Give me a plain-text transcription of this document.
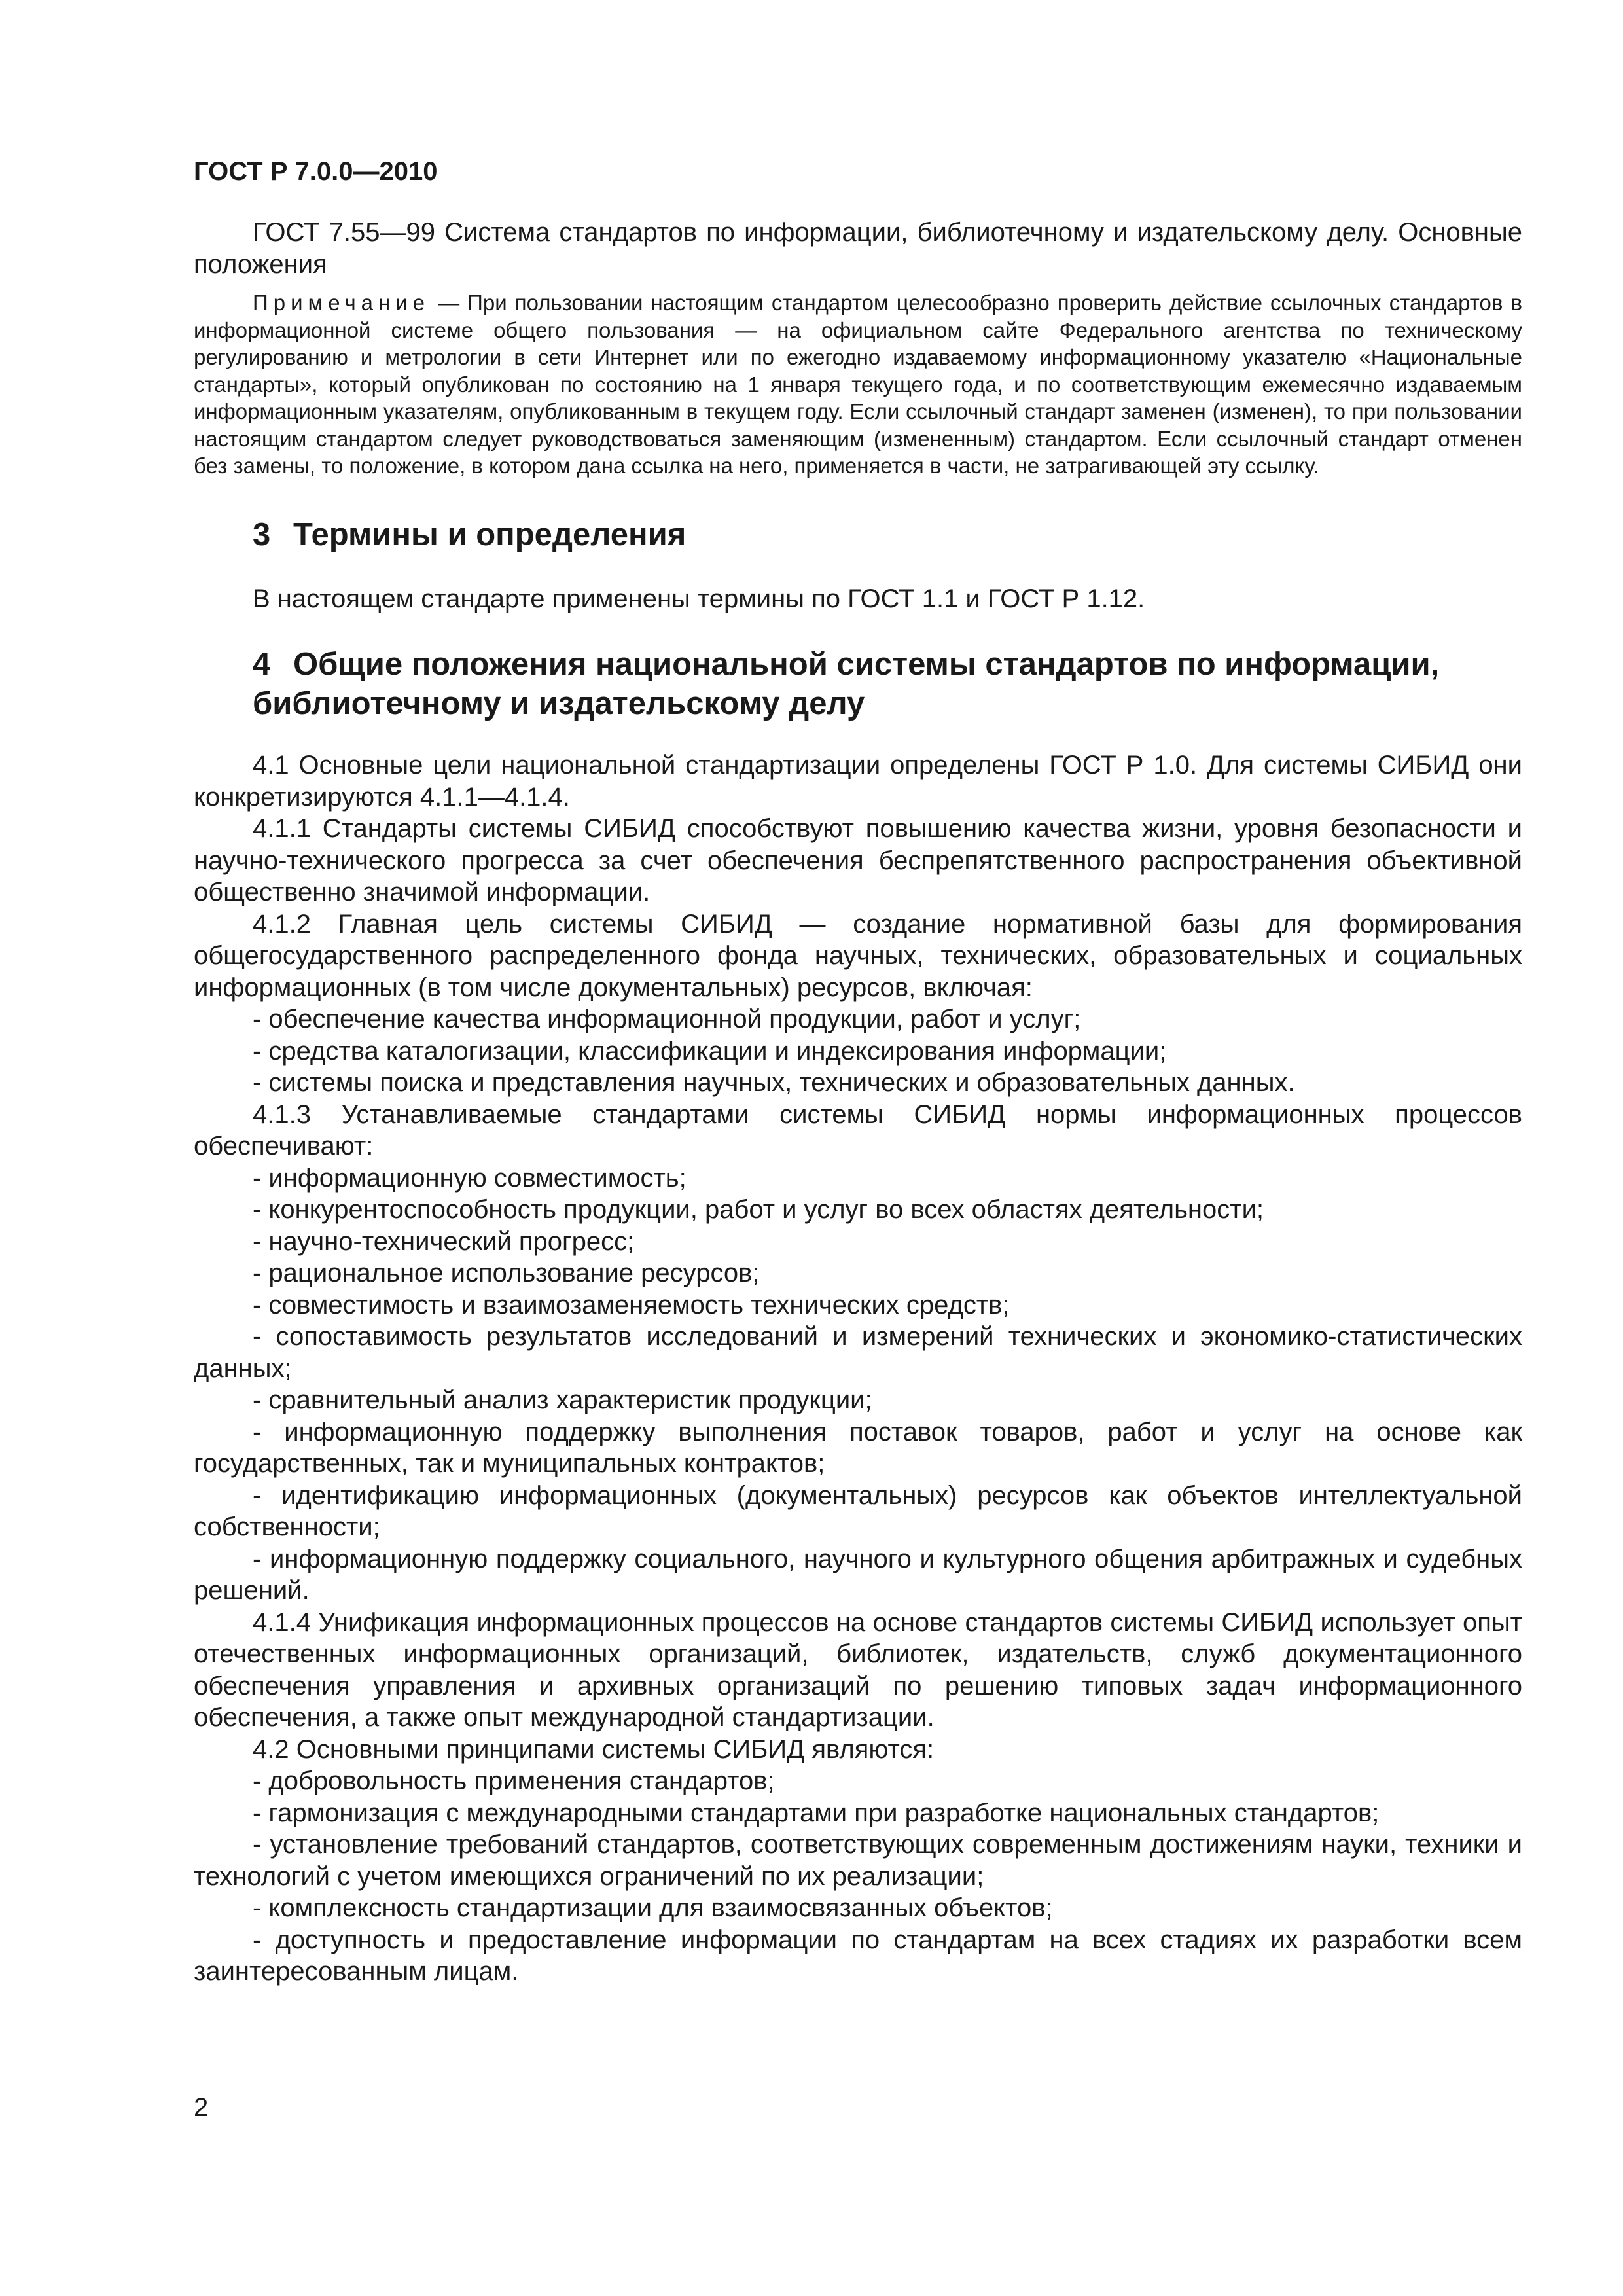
ГОСТ Р 7.0.0—2010

ГОСТ 7.55—99 Система стандартов по информации, библиотечному и издательскому делу. Основные положения

Примечание — При пользовании настоящим стандартом целесообразно проверить действие ссылочных стандартов в информационной системе общего пользования — на официальном сайте Федерального агентства по техническому регулированию и метрологии в сети Интернет или по ежегодно издаваемому информационному указателю «Национальные стандарты», который опубликован по состоянию на 1 января текущего года, и по соответствующим ежемесячно издаваемым информационным указателям, опубликованным в текущем году. Если ссылочный стандарт заменен (изменен), то при пользовании настоящим стандартом следует руководствоваться заменяющим (измененным) стандартом. Если ссылочный стандарт отменен без замены, то положение, в котором дана ссылка на него, применяется в части, не затрагивающей эту ссылку.

3 Термины и определения

В настоящем стандарте применены термины по ГОСТ 1.1 и ГОСТ Р 1.12.

4 Общие положения национальной системы стандартов по информации,
библиотечному и издательскому делу

4.1 Основные цели национальной стандартизации определены ГОСТ Р 1.0. Для системы СИБИД они конкретизируются 4.1.1—4.1.4.

4.1.1 Стандарты системы СИБИД способствуют повышению качества жизни, уровня безопасности и научно-технического прогресса за счет обеспечения беспрепятственного распространения объективной общественно значимой информации.

4.1.2 Главная цель системы СИБИД — создание нормативной базы для формирования общегосударственного распределенного фонда научных, технических, образовательных и социальных информационных (в том числе документальных) ресурсов, включая:

- обеспечение качества информационной продукции, работ и услуг;

- средства каталогизации, классификации и индексирования информации;

- системы поиска и представления научных, технических и образовательных данных.

4.1.3 Устанавливаемые стандартами системы СИБИД нормы информационных процессов обеспечивают:

- информационную совместимость;

- конкурентоспособность продукции, работ и услуг во всех областях деятельности;

- научно-технический прогресс;

- рациональное использование ресурсов;

- совместимость и взаимозаменяемость технических средств;

- сопоставимость результатов исследований и измерений технических и экономико-статистических данных;

- сравнительный анализ характеристик продукции;

- информационную поддержку выполнения поставок товаров, работ и услуг на основе как государственных, так и муниципальных контрактов;

- идентификацию информационных (документальных) ресурсов как объектов интеллектуальной собственности;

- информационную поддержку социального, научного и культурного общения арбитражных и судебных решений.

4.1.4 Унификация информационных процессов на основе стандартов системы СИБИД использует опыт отечественных информационных организаций, библиотек, издательств, служб документационного обеспечения управления и архивных организаций по решению типовых задач информационного обеспечения, а также опыт международной стандартизации.

4.2 Основными принципами системы СИБИД являются:

- добровольность применения стандартов;

- гармонизация с международными стандартами при разработке национальных стандартов;

- установление требований стандартов, соответствующих современным достижениям науки, техники и технологий с учетом имеющихся ограничений по их реализации;

- комплексность стандартизации для взаимосвязанных объектов;

- доступность и предоставление информации по стандартам на всех стадиях их разработки всем заинтересованным лицам.

2
